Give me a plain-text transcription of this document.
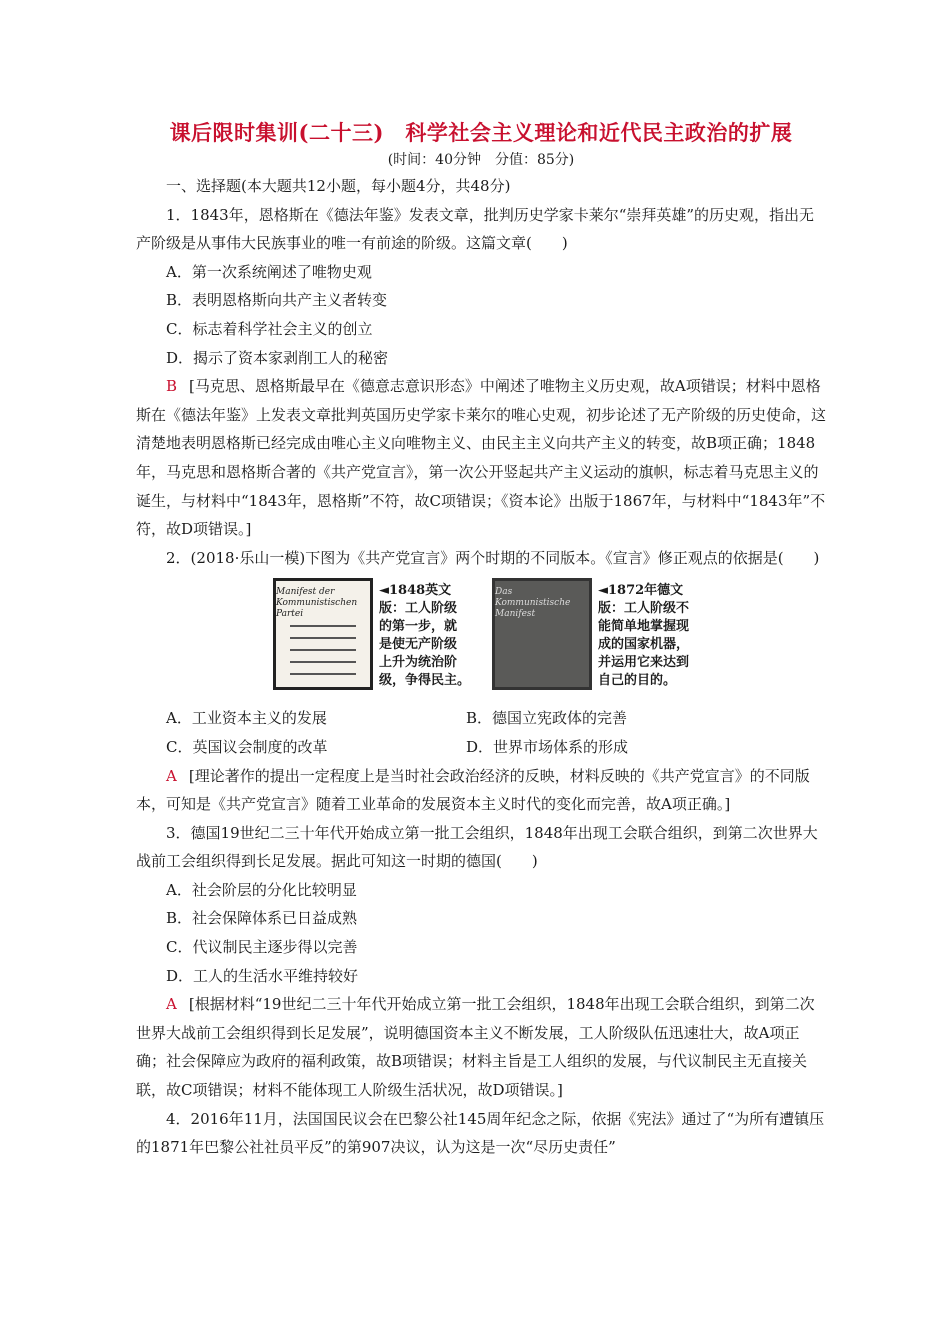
课后限时集训(二十三)　科学社会主义理论和近代民主政治的扩展

(时间：40分钟　分值：85分)

一、选择题(本大题共12小题，每小题4分，共48分)

1．1843年，恩格斯在《德法年鉴》发表文章，批判历史学家卡莱尔“崇拜英雄”的历史观，指出无产阶级是从事伟大民族事业的唯一有前途的阶级。这篇文章(　　)

A．第一次系统阐述了唯物史观

B．表明恩格斯向共产主义者转变

C．标志着科学社会主义的创立

D．揭示了资本家剥削工人的秘密

B [马克思、恩格斯最早在《德意志意识形态》中阐述了唯物主义历史观，故A项错误；材料中恩格斯在《德法年鉴》上发表文章批判英国历史学家卡莱尔的唯心史观，初步论述了无产阶级的历史使命，这清楚地表明恩格斯已经完成由唯心主义向唯物主义、由民主主义向共产主义的转变，故B项正确；1848年，马克思和恩格斯合著的《共产党宣言》，第一次公开竖起共产主义运动的旗帜，标志着马克思主义的诞生，与材料中“1843年，恩格斯”不符，故C项错误；《资本论》出版于1867年，与材料中“1843年”不符，故D项错误。]

2．(2018·乐山一模)下图为《共产党宣言》两个时期的不同版本。《宣言》修正观点的依据是(　　)

Manifest der Kommunistischen Partei
◄1848英文
版：工人阶级
的第一步，就
是使无产阶级
上升为统治阶
级，争得民主。
Das Kommunistische Manifest
◄1872年德文
版：工人阶级不
能简单地掌握现
成的国家机器，
并运用它来达到
自己的目的。
A．工业资本主义的发展	B．德国立宪政体的完善
C．英国议会制度的改革	D．世界市场体系的形成

A [理论著作的提出一定程度上是当时社会政治经济的反映，材料反映的《共产党宣言》的不同版本，可知是《共产党宣言》随着工业革命的发展资本主义时代的变化而完善，故A项正确。]

3．德国19世纪二三十年代开始成立第一批工会组织，1848年出现工会联合组织，到第二次世界大战前工会组织得到长足发展。据此可知这一时期的德国(　　)

A．社会阶层的分化比较明显

B．社会保障体系已日益成熟

C．代议制民主逐步得以完善

D．工人的生活水平维持较好

A [根据材料“19世纪二三十年代开始成立第一批工会组织，1848年出现工会联合组织，到第二次世界大战前工会组织得到长足发展”，说明德国资本主义不断发展，工人阶级队伍迅速壮大，故A项正确；社会保障应为政府的福利政策，故B项错误；材料主旨是工人组织的发展，与代议制民主无直接关联，故C项错误；材料不能体现工人阶级生活状况，故D项错误。]

4．2016年11月，法国国民议会在巴黎公社145周年纪念之际，依据《宪法》通过了“为所有遭镇压的1871年巴黎公社社员平反”的第907决议，认为这是一次“尽历史责任”
